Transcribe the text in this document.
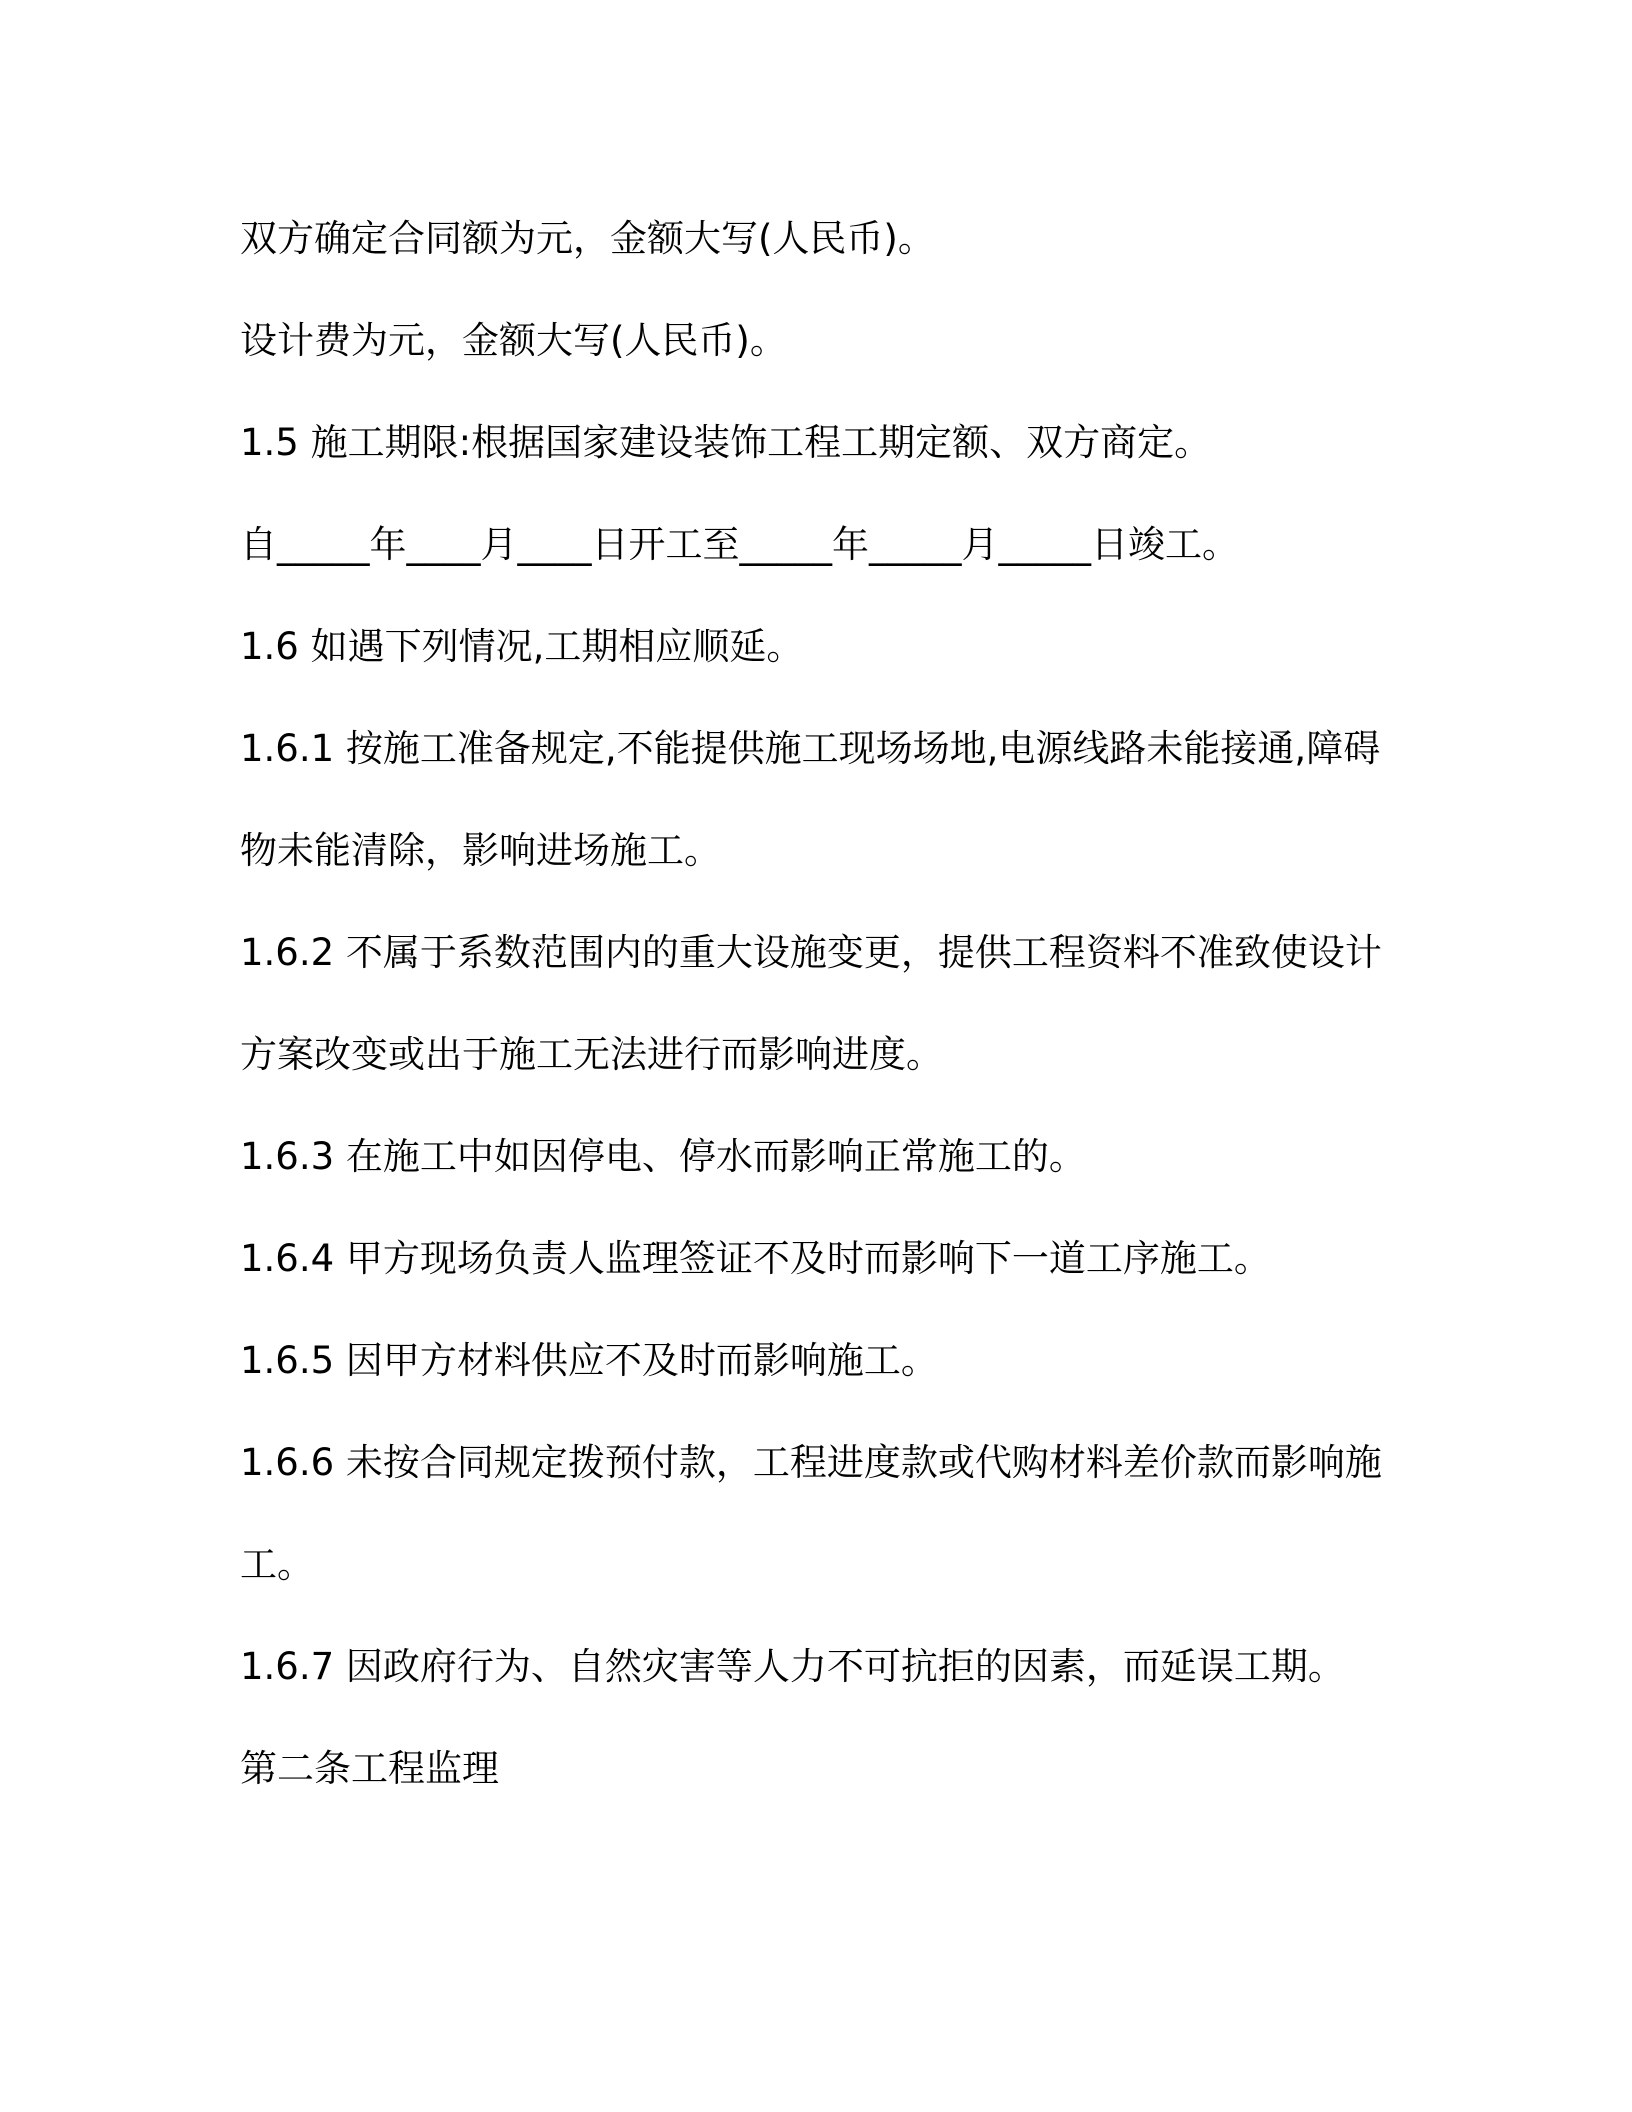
双方确定合同额为元，金额大写(人民币)。

设计费为元，金额大写(人民币)。

1.5 施工期限:根据国家建设装饰工程工期定额、双方商定。

自_____年____月____日开工至_____年_____月_____日竣工。

1.6 如遇下列情况,工期相应顺延。

1.6.1 按施工准备规定,不能提供施工现场场地,电源线路未能接通,障碍

物未能清除，影响进场施工。

1.6.2 不属于系数范围内的重大设施变更，提供工程资料不准致使设计

方案改变或出于施工无法进行而影响进度。

1.6.3 在施工中如因停电、停水而影响正常施工的。

1.6.4 甲方现场负责人监理签证不及时而影响下一道工序施工。

1.6.5 因甲方材料供应不及时而影响施工。

1.6.6 未按合同规定拨预付款，工程进度款或代购材料差价款而影响施

工。

1.6.7 因政府行为、自然灾害等人力不可抗拒的因素，而延误工期。

第二条工程监理
